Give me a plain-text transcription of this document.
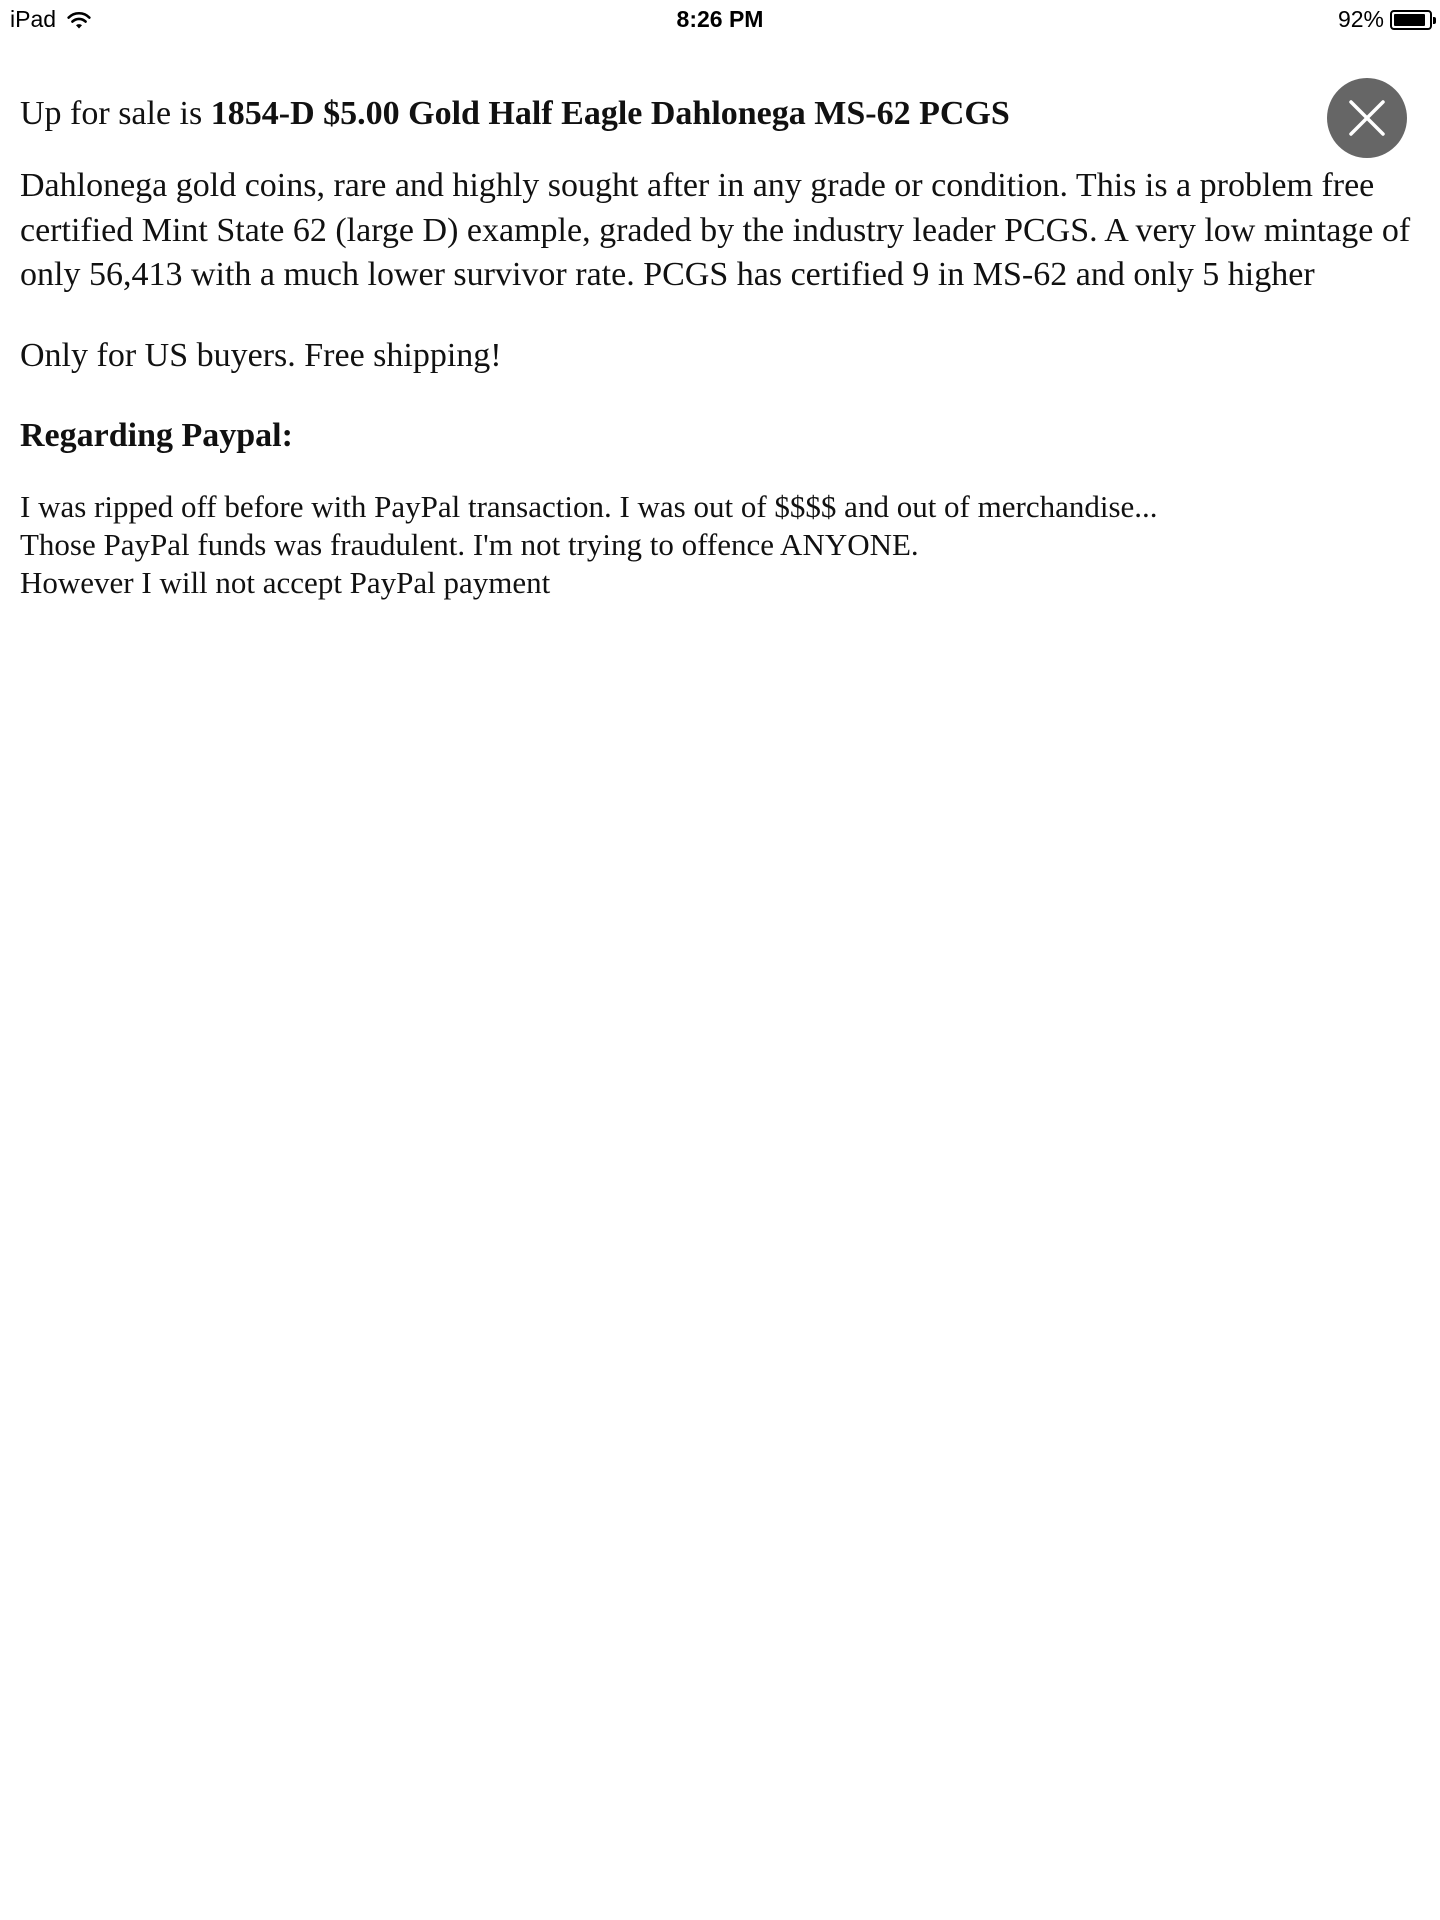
iPad	8:26 PM	92%
Up for sale is 1854-D $5.00 Gold Half Eagle Dahlonega MS-62 PCGS

Dahlonega gold coins, rare and highly sought after in any grade or condition. This is a problem free certified Mint State 62 (large D) example, graded by the industry leader PCGS. A very low mintage of only 56,413 with a much lower survivor rate. PCGS has certified 9 in MS-62 and only 5 higher

Only for US buyers. Free shipping!

Regarding Paypal:

I was ripped off before with PayPal transaction. I was out of $$$$ and out of merchandise...
Those PayPal funds was fraudulent. I'm not trying to offence ANYONE.
However I will not accept PayPal payment
